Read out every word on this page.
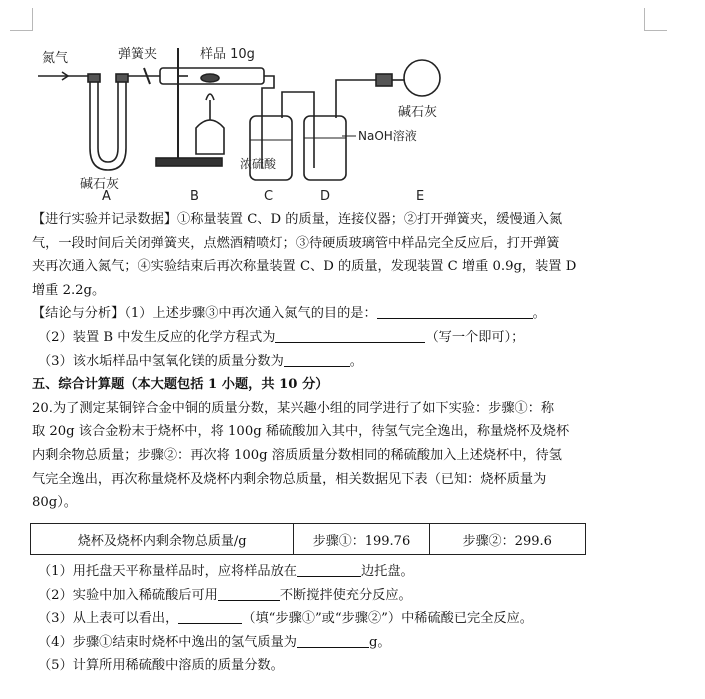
氮气	弹簧夹	样品 10g
碱石灰
碱石灰
浓硫酸
NaOH溶液
A	B	C	D	E

【进行实验并记录数据】①称量装置 C、D 的质量，连接仪器；②打开弹簧夹，缓慢通入氮

气，一段时间后关闭弹簧夹，点燃酒精喷灯；③待硬质玻璃管中样品完全反应后，打开弹簧

夹再次通入氮气；④实验结束后再次称量装置 C、D 的质量，发现装置 C 增重 0.9g，装置 D

增重 2.2g。

【结论与分析】（1）上述步骤③中再次通入氮气的目的是：	。

（2）装置 B 中发生反应的化学方程式为	（写一个即可）；

（3）该水垢样品中氢氧化镁的质量分数为	。

五、综合计算题（本大题包括 1 小题，共 10 分）

20.为了测定某铜锌合金中铜的质量分数，某兴趣小组的同学进行了如下实验：步骤①：称

取 20g 该合金粉末于烧杯中，将 100g 稀硫酸加入其中，待氢气完全逸出，称量烧杯及烧杯

内剩余物总质量；步骤②：再次将 100g 溶质质量分数相同的稀硫酸加入上述烧杯中，待氢

气完全逸出，再次称量烧杯及烧杯内剩余物总质量，相关数据见下表（已知：烧杯质量为

80g）。

烧杯及烧杯内剩余物总质量/g	步骤①：199.76	步骤②：299.6

（1）用托盘天平称量样品时，应将样品放在	边托盘。

（2）实验中加入稀硫酸后可用	不断搅拌使充分反应。

（3）从上表可以看出，	（填“步骤①”或“步骤②”）中稀硫酸已完全反应。

（4）步骤①结束时烧杯中逸出的氢气质量为	g。

（5）计算所用稀硫酸中溶质的质量分数。
